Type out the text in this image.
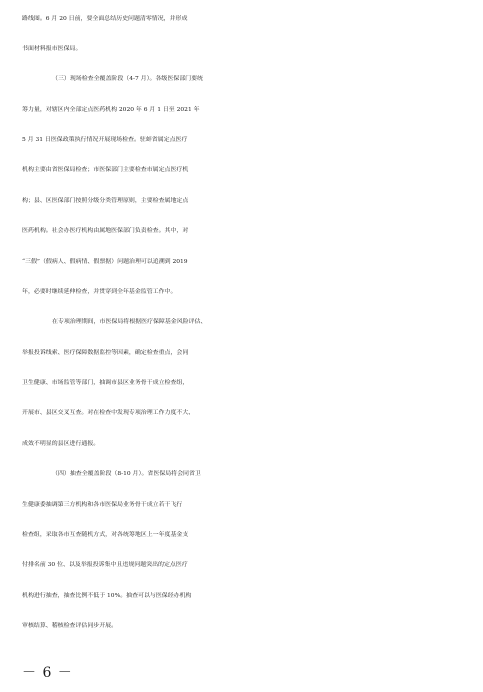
路线图。6 月 20 日前，要全面总结历史问题清零情况，并形成
书面材料报市医保局。
（三）现场检查全覆盖阶段（4-7 月）。各级医保部门要统
筹力量，对辖区内全部定点医药机构 2020 年 6 月 1 日至 2021 年
5 月 31 日医保政策执行情况开展现场检查。驻蚌省属定点医疗
机构主要由省医保局检查；市医保部门主要检查市属定点医疗机
构；县、区医保部门按照分级分类管理原则，主要检查属地定点
医药机构。社会办医疗机构由属地医保部门负责检查。其中，对
“三假”（假病人、假病情、假票据）问题治理可以追溯到 2019
年，必要时继续延伸检查，并贯穿到全年基金监管工作中。
在专项治理期间，市医保局将根据医疗保障基金风险评估、
举报投诉线索、医疗保障数据监控等因素，确定检查重点，会同
卫生健康、市场监管等部门，抽调市县区业务骨干成立检查组，
开展市、县区交叉互查。对在检查中发现专项治理工作力度不大、
成效不明显的县区进行通报。
（四）抽查全覆盖阶段（8-10 月）。省医保局将会同省卫
生健康委抽调第三方机构和各市医保局业务骨干成立若干飞行
检查组，采取各市互查随机方式，对各统筹地区上一年度基金支
付排名前 30 位、以及举报投诉集中且违规问题突出的定点医疗
机构进行抽查，抽查比例不低于 10%。抽查可以与医保经办机构
审核结算、稽核检查评估同步开展。
－ 6 －
